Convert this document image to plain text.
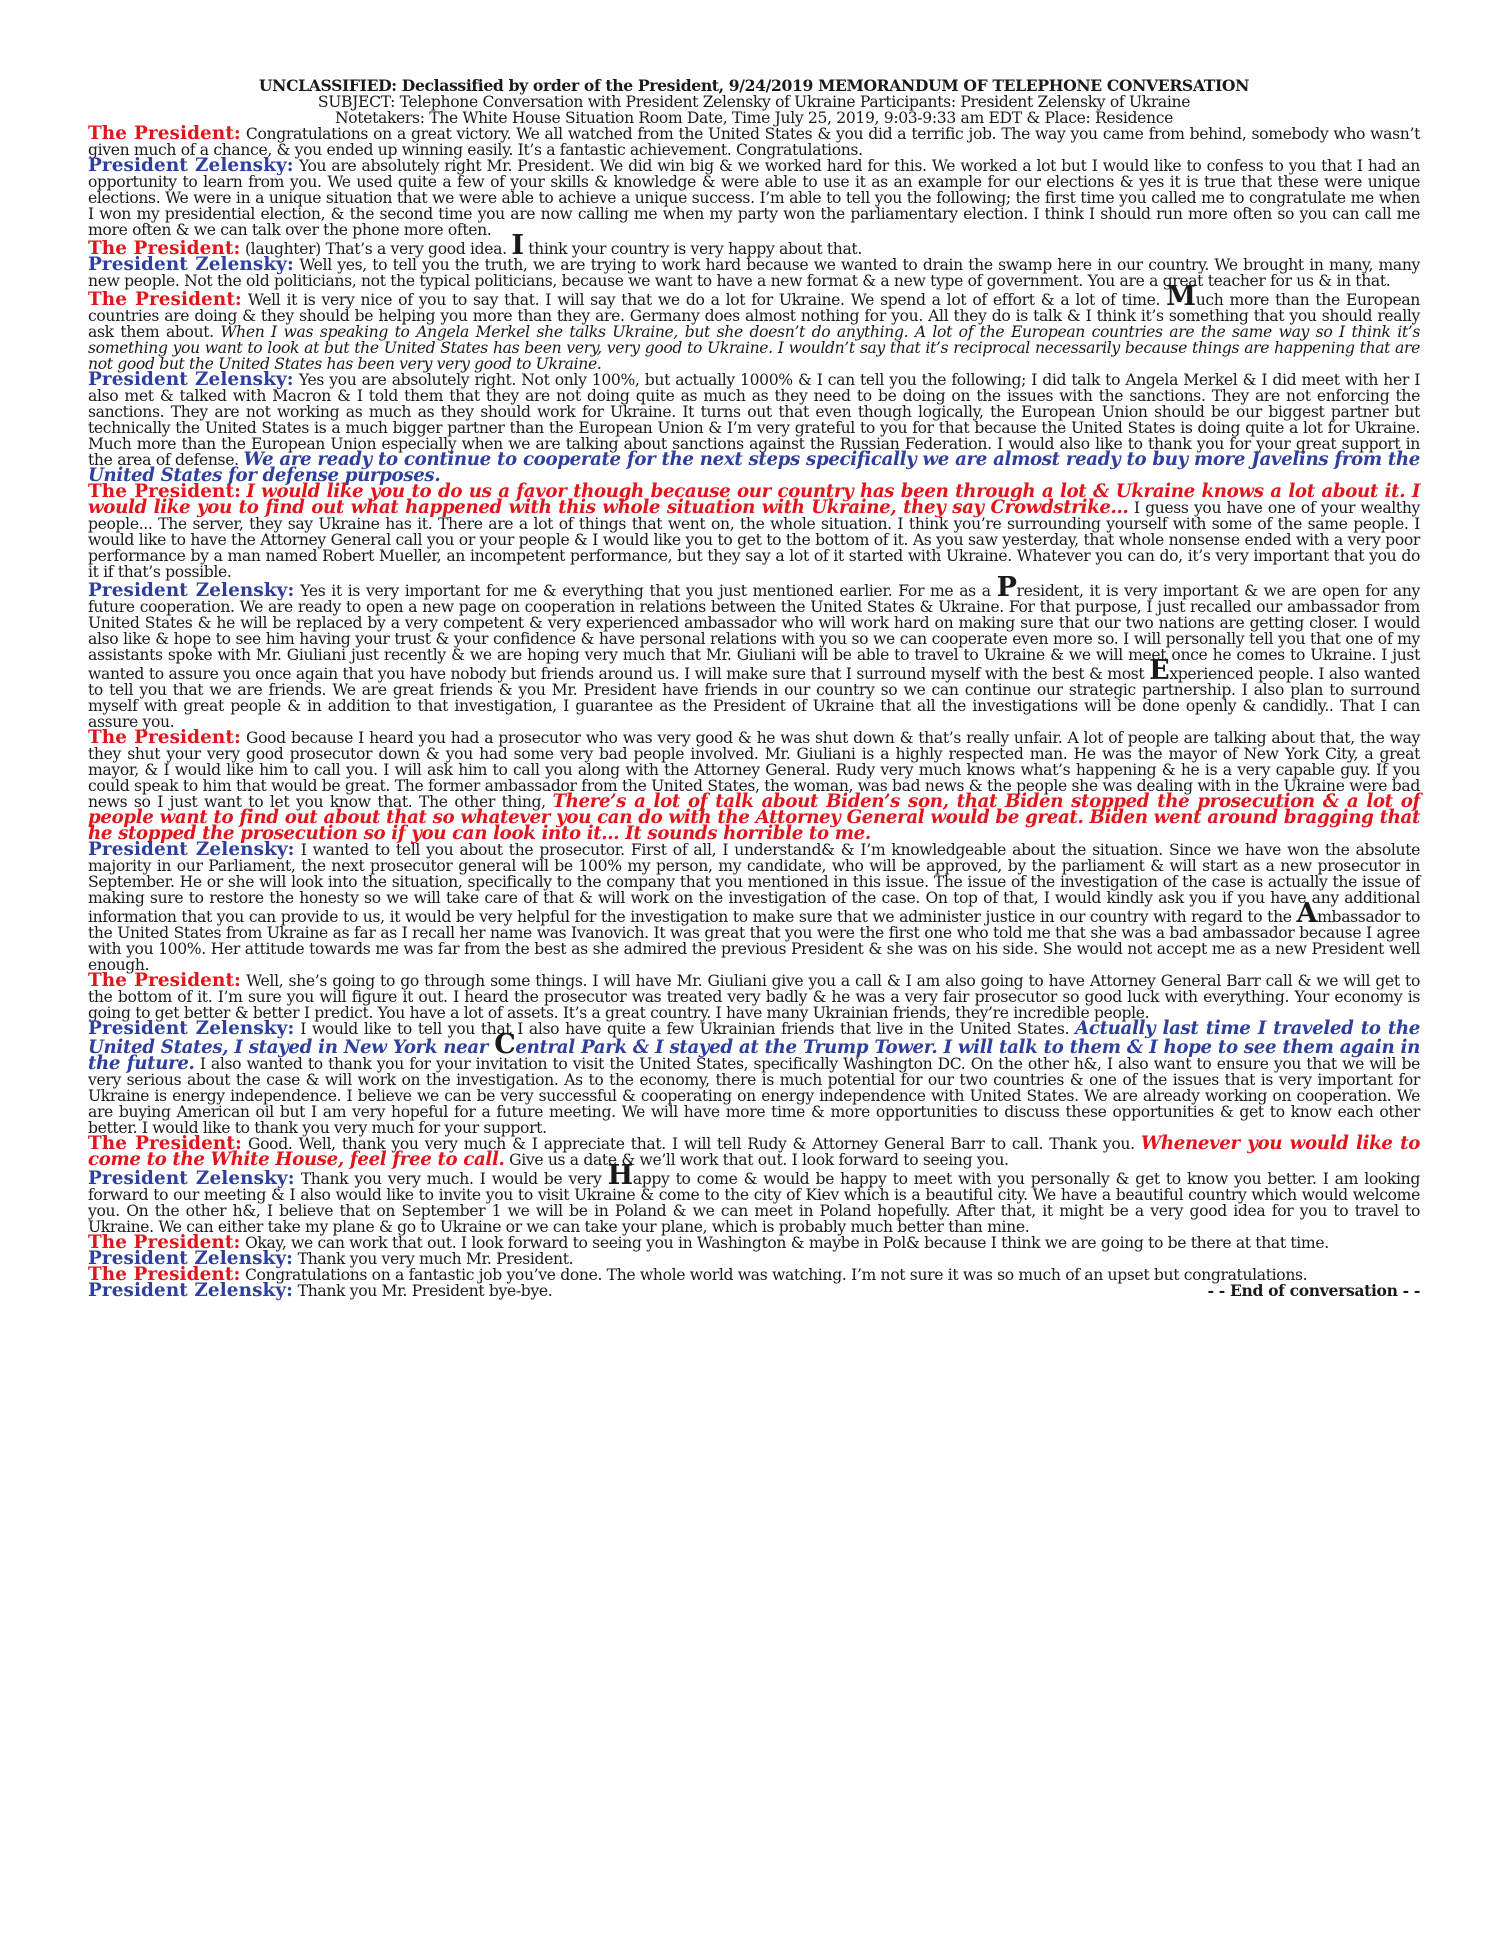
UNCLASSIFIED: Declassified by order of the President, 9/24/2019 MEMORANDUM OF TELEPHONE CONVERSATION

SUBJECT: Telephone Conversation with President Zelensky of Ukraine Participants: President Zelensky of Ukraine

Notetakers: The White House Situation Room Date, Time July 25, 2019, 9:03-9:33 am EDT & Place: Residence

The President: Congratulations on a great victory. We all watched from the United States & you did a terrific job. The way you came from behind, somebody who wasn’t given much of a chance, & you ended up winning easily. It’s a fantastic achievement. Congratulations.

President Zelensky: You are absolutely right Mr. President. We did win big & we worked hard for this. We worked a lot but I would like to confess to you that I had an opportunity to learn from you. We used quite a few of your skills & knowledge & were able to use it as an example for our elections & yes it is true that these were unique elections. We were in a unique situation that we were able to achieve a unique success. I’m able to tell you the following; the first time you called me to congratulate me when I won my presidential election, & the second time you are now calling me when my party won the parliamentary election. I think I should run more often so you can call me more often & we can talk over the phone more often.

The President: (laughter) That’s a very good idea. I think your country is very happy about that.

President Zelensky: Well yes, to tell you the truth, we are trying to work hard because we wanted to drain the swamp here in our country. We brought in many, many new people. Not the old politicians, not the typical politicians, because we want to have a new format & a new type of government. You are a great teacher for us & in that.

The President: Well it is very nice of you to say that. I will say that we do a lot for Ukraine. We spend a lot of effort & a lot of time. Much more than the European countries are doing & they should be helping you more than they are. Germany does almost nothing for you. All they do is talk & I think it’s something that you should really ask them about. When I was speaking to Angela Merkel she talks Ukraine, but she doesn’t do anything. A lot of the European countries are the same way so I think it’s something you want to look at but the United States has been very, very good to Ukraine. I wouldn’t say that it’s reciprocal necessarily because things are happening that are not good but the United States has been very very good to Ukraine.

President Zelensky: Yes you are absolutely right. Not only 100%, but actually 1000% & I can tell you the following; I did talk to Angela Merkel & I did meet with her I also met & talked with Macron & I told them that they are not doing quite as much as they need to be doing on the issues with the sanctions. They are not enforcing the sanctions. They are not working as much as they should work for Ukraine. It turns out that even though logically, the European Union should be our biggest partner but technically the United States is a much bigger partner than the European Union & I’m very grateful to you for that because the United States is doing quite a lot for Ukraine. Much more than the European Union especially when we are talking about sanctions against the Russian Federation. I would also like to thank you for your great support in the area of defense. We are ready to continue to cooperate for the next steps specifically we are almost ready to buy more Javelins from the United States for defense purposes.

The President: I would like you to do us a favor though because our country has been through a lot & Ukraine knows a lot about it. I would like you to find out what happened with this whole situation with Ukraine, they say Crowdstrike... I guess you have one of your wealthy people... The server, they say Ukraine has it. There are a lot of things that went on, the whole situation. I think you’re surrounding yourself with some of the same people. I would like to have the Attorney General call you or your people & I would like you to get to the bottom of it. As you saw yesterday, that whole nonsense ended with a very poor performance by a man named Robert Mueller, an incompetent performance, but they say a lot of it started with Ukraine. Whatever you can do, it’s very important that you do it if that’s possible.

President Zelensky: Yes it is very important for me & everything that you just mentioned earlier. For me as a President, it is very important & we are open for any future cooperation. We are ready to open a new page on cooperation in relations between the United States & Ukraine. For that purpose, I just recalled our ambassador from United States & he will be replaced by a very competent & very experienced ambassador who will work hard on making sure that our two nations are getting closer. I would also like & hope to see him having your trust & your confidence & have personal relations with you so we can cooperate even more so. I will personally tell you that one of my assistants spoke with Mr. Giuliani just recently & we are hoping very much that Mr. Giuliani will be able to travel to Ukraine & we will meet once he comes to Ukraine. I just wanted to assure you once again that you have nobody but friends around us. I will make sure that I surround myself with the best & most Experienced people. I also wanted to tell you that we are friends. We are great friends & you Mr. President have friends in our country so we can continue our strategic partnership. I also plan to surround myself with great people & in addition to that investigation, I guarantee as the President of Ukraine that all the investigations will be done openly & candidly.. That I can assure you.

The President: Good because I heard you had a prosecutor who was very good & he was shut down & that’s really unfair. A lot of people are talking about that, the way they shut your very good prosecutor down & you had some very bad people involved. Mr. Giuliani is a highly respected man. He was the mayor of New York City, a great mayor, & I would like him to call you. I will ask him to call you along with the Attorney General. Rudy very much knows what’s happening & he is a very capable guy. If you could speak to him that would be great. The former ambassador from the United States, the woman, was bad news & the people she was dealing with in the Ukraine were bad news so I just want to let you know that. The other thing, There’s a lot of talk about Biden’s son, that Biden stopped the prosecution & a lot of people want to find out about that so whatever you can do with the Attorney General would be great. Biden went around bragging that he stopped the prosecution so if you can look into it... It sounds horrible to me.

President Zelensky: I wanted to tell you about the prosecutor. First of all, I understand& & I’m knowledgeable about the situation. Since we have won the absolute majority in our Parliament, the next prosecutor general will be 100% my person, my candidate, who will be approved, by the parliament & will start as a new prosecutor in September. He or she will look into the situation, specifically to the company that you mentioned in this issue. The issue of the investigation of the case is actually the issue of making sure to restore the honesty so we will take care of that & will work on the investigation of the case. On top of that, I would kindly ask you if you have any additional information that you can provide to us, it would be very helpful for the investigation to make sure that we administer justice in our country with regard to the Ambassador to the United States from Ukraine as far as I recall her name was Ivanovich. It was great that you were the first one who told me that she was a bad ambassador because I agree with you 100%. Her attitude towards me was far from the best as she admired the previous President & she was on his side. She would not accept me as a new President well enough.

The President: Well, she’s going to go through some things. I will have Mr. Giuliani give you a call & I am also going to have Attorney General Barr call & we will get to the bottom of it. I’m sure you will figure it out. I heard the prosecutor was treated very badly & he was a very fair prosecutor so good luck with everything. Your economy is going to get better & better I predict. You have a lot of assets. It’s a great country. I have many Ukrainian friends, they’re incredible people.

President Zelensky: I would like to tell you that I also have quite a few Ukrainian friends that live in the United States. Actually last time I traveled to the United States, I stayed in New York near Central Park & I stayed at the Trump Tower. I will talk to them & I hope to see them again in the future. I also wanted to thank you for your invitation to visit the United States, specifically Washington DC. On the other h&, I also want to ensure you that we will be very serious about the case & will work on the investigation. As to the economy, there is much potential for our two countries & one of the issues that is very important for Ukraine is energy independence. I believe we can be very successful & cooperating on energy independence with United States. We are already working on cooperation. We are buying American oil but I am very hopeful for a future meeting. We will have more time & more opportunities to discuss these opportunities & get to know each other better. I would like to thank you very much for your support.

The President: Good. Well, thank you very much & I appreciate that. I will tell Rudy & Attorney General Barr to call. Thank you. Whenever you would like to come to the White House, feel free to call. Give us a date & we’ll work that out. I look forward to seeing you.

President Zelensky: Thank you very much. I would be very Happy to come & would be happy to meet with you personally & get to know you better. I am looking forward to our meeting & I also would like to invite you to visit Ukraine & come to the city of Kiev which is a beautiful city. We have a beautiful country which would welcome you. On the other h&, I believe that on September 1 we will be in Poland & we can meet in Poland hopefully. After that, it might be a very good idea for you to travel to Ukraine. We can either take my plane & go to Ukraine or we can take your plane, which is probably much better than mine.

The President: Okay, we can work that out. I look forward to seeing you in Washington & maybe in Pol& because I think we are going to be there at that time.

President Zelensky: Thank you very much Mr. President.

The President: Congratulations on a fantastic job you’ve done. The whole world was watching. I’m not sure it was so much of an upset but congratulations.

- - End of conversation - -
President Zelensky: Thank you Mr. President bye-bye.
